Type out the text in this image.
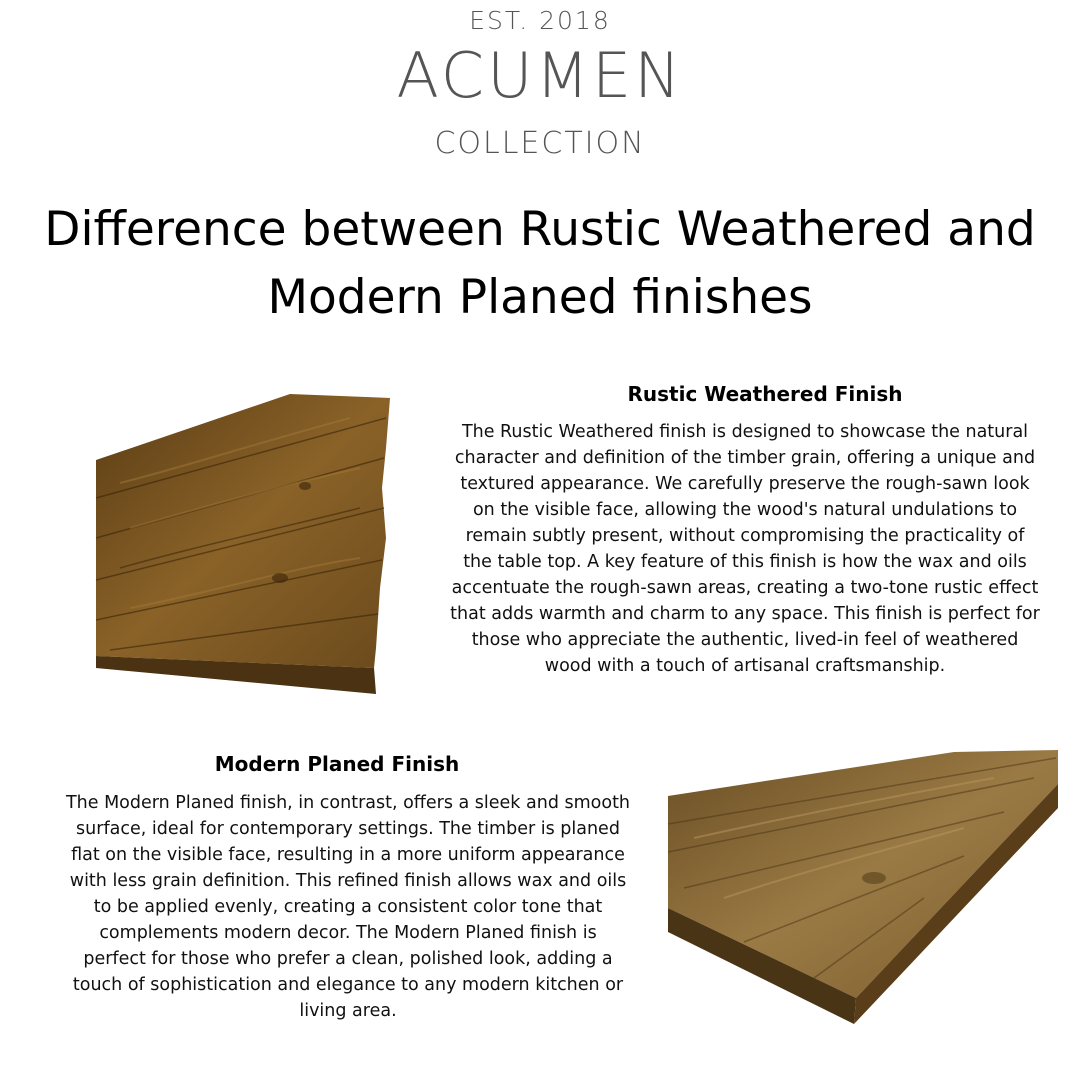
EST. 2018
ACUMEN
COLLECTION
Difference between Rustic Weathered and
Modern Planed finishes
Rustic Weathered Finish
The Rustic Weathered finish is designed to showcase the natural
character and definition of the timber grain, offering a unique and
textured appearance. We carefully preserve the rough-sawn look
on the visible face, allowing the wood's natural undulations to
remain subtly present, without compromising the practicality of
the table top. A key feature of this finish is how the wax and oils
accentuate the rough-sawn areas, creating a two-tone rustic effect
that adds warmth and charm to any space. This finish is perfect for
those who appreciate the authentic, lived-in feel of weathered
wood with a touch of artisanal craftsmanship.
Modern Planed Finish
The Modern Planed finish, in contrast, offers a sleek and smooth
surface, ideal for contemporary settings. The timber is planed
flat on the visible face, resulting in a more uniform appearance
with less grain definition. This refined finish allows wax and oils
to be applied evenly, creating a consistent color tone that
complements modern decor. The Modern Planed finish is
perfect for those who prefer a clean, polished look, adding a
touch of sophistication and elegance to any modern kitchen or
living area.
